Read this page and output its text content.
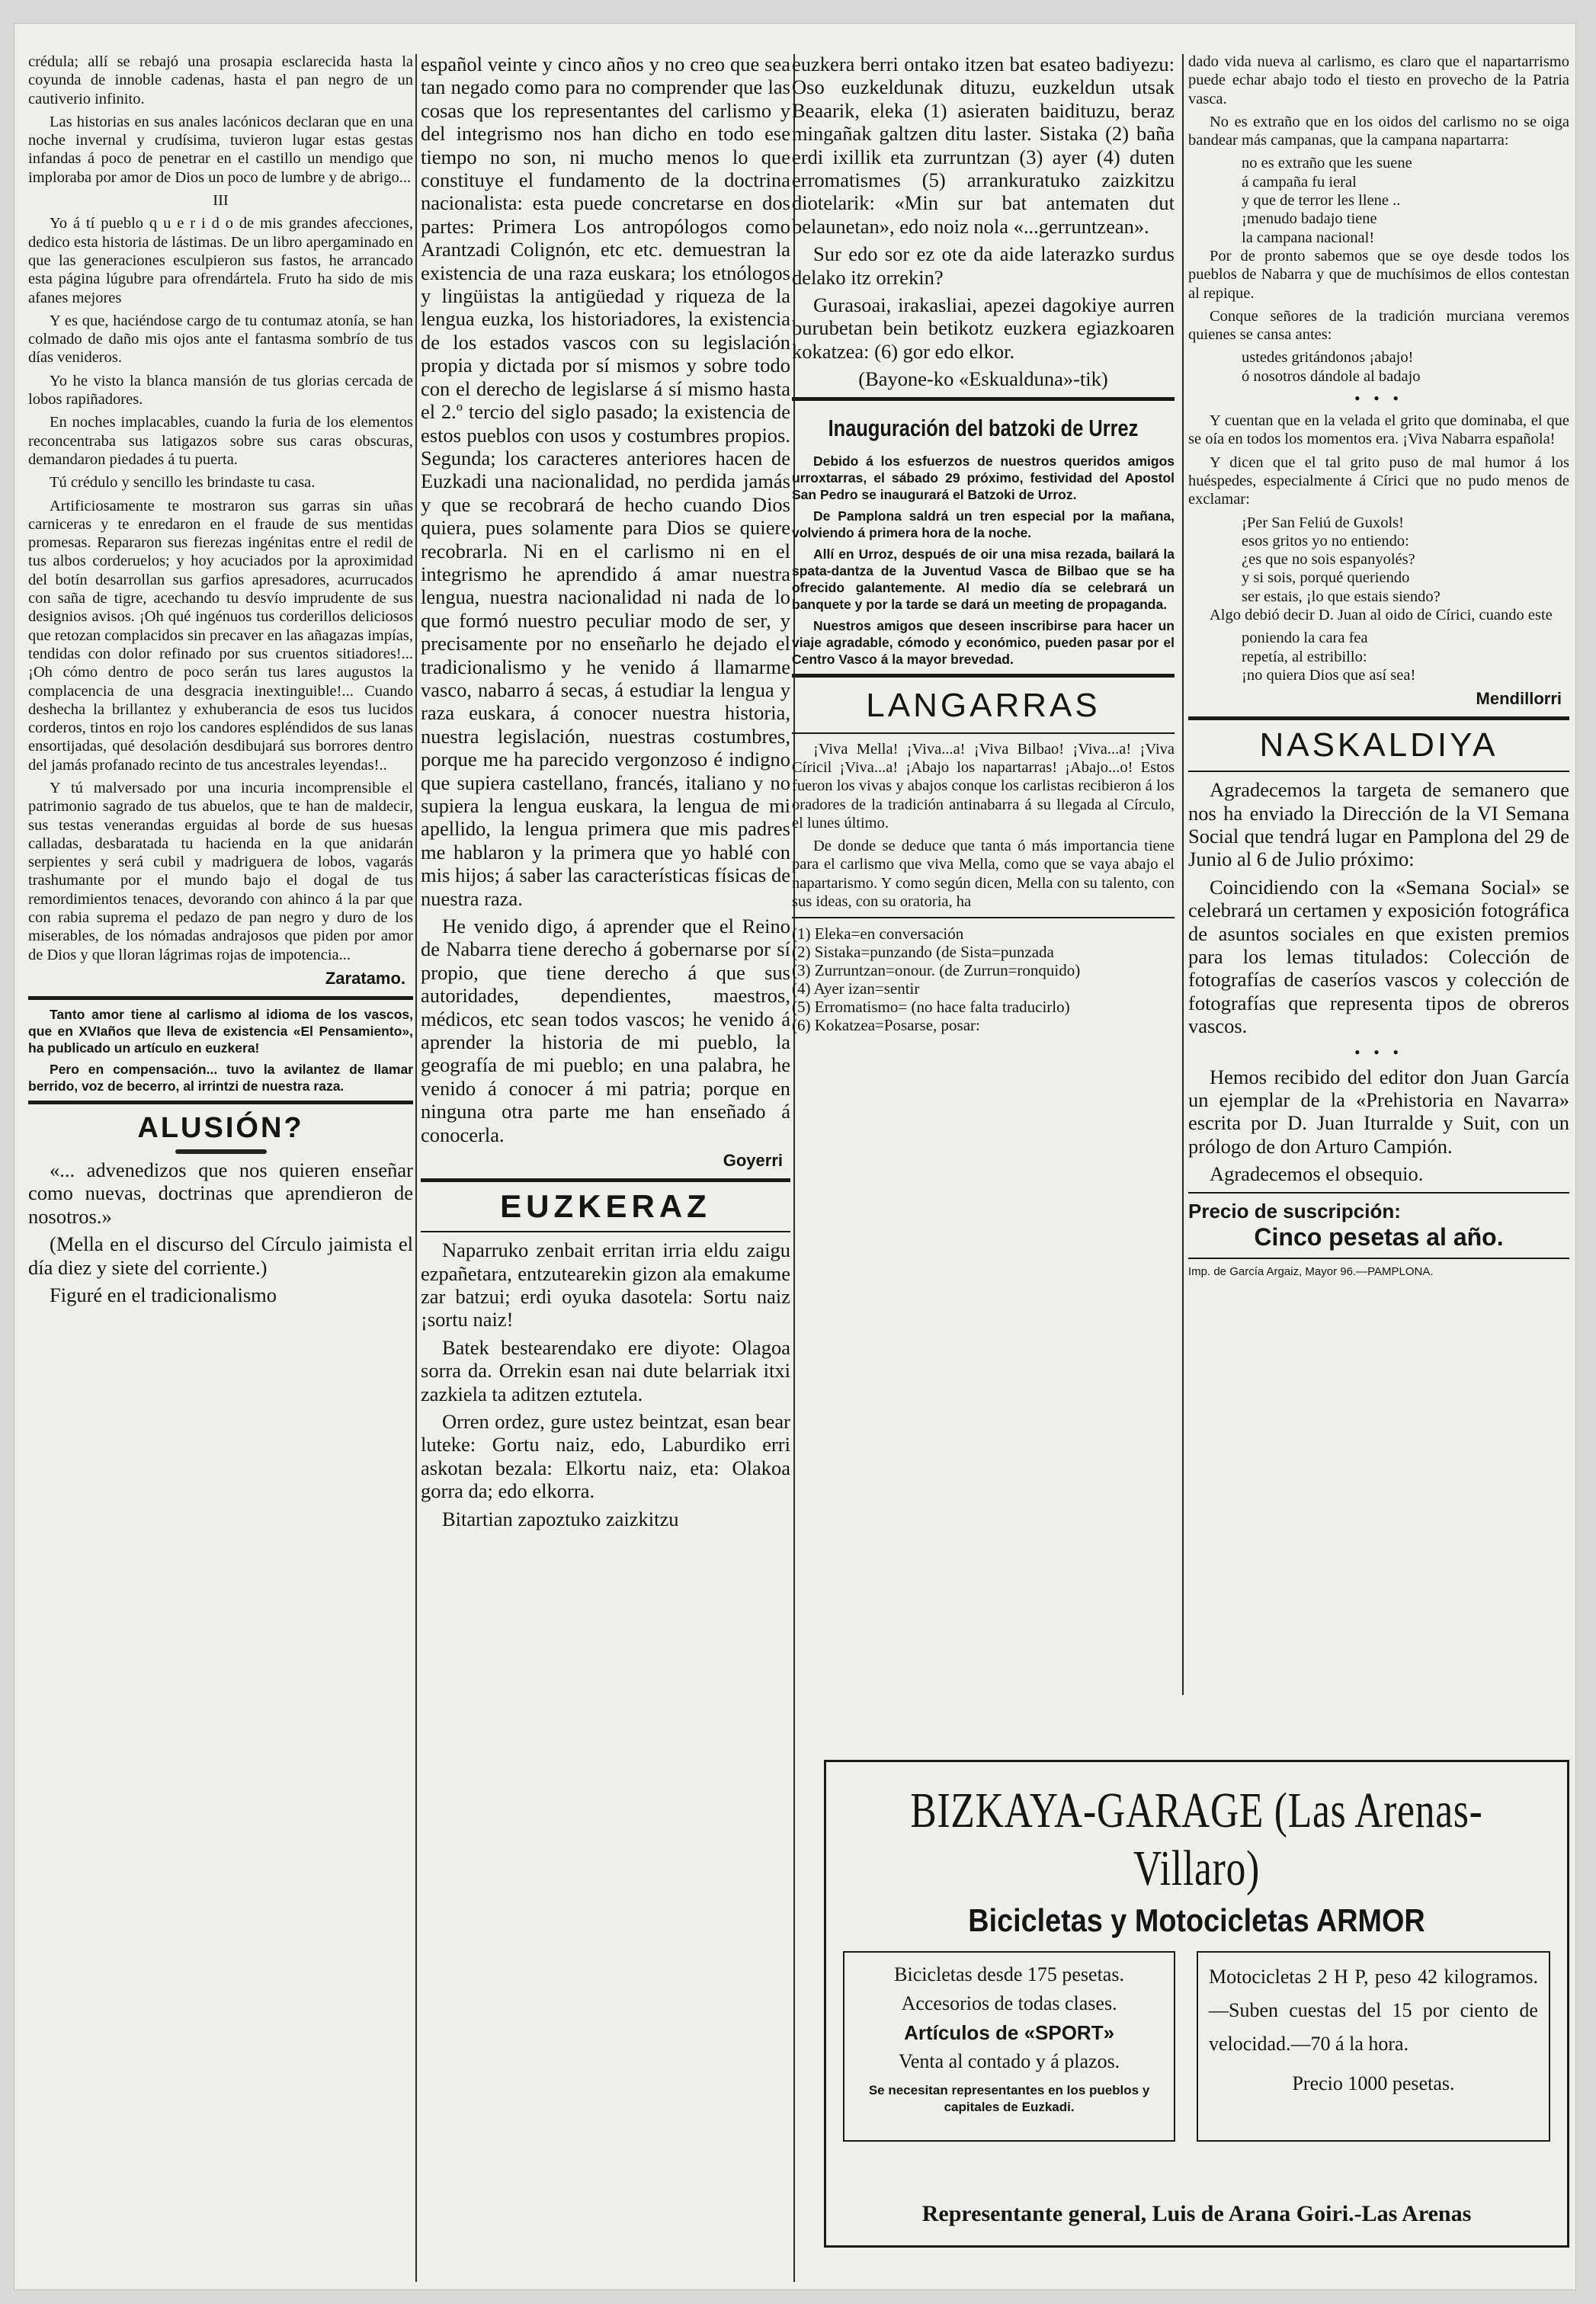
crédula; allí se rebajó una prosapia esclarecida hasta la coyunda de innoble cadenas, hasta el pan negro de un cautiverio infinito.

Las historias en sus anales lacónicos declaran que en una noche invernal y crudísima, tuvieron lugar estas gestas infandas á poco de penetrar en el castillo un mendigo que imploraba por amor de Dios un poco de lumbre y de abrigo...

III

Yo á tí pueblo q u e r i d o de mis grandes afecciones, dedico esta historia de lástimas. De un libro apergaminado en que las generaciones esculpieron sus fastos, he arrancado esta página lúgubre para ofrendártela. Fruto ha sido de mis afanes mejores

Y es que, haciéndose cargo de tu contumaz atonía, se han colmado de daño mis ojos ante el fantasma sombrío de tus días venideros.

Yo he visto la blanca mansión de tus glorias cercada de lobos rapiñadores.

En noches implacables, cuando la furia de los elementos reconcentraba sus latigazos sobre sus caras obscuras, demandaron piedades á tu puerta.

Tú crédulo y sencillo les brindaste tu casa.

Artificiosamente te mostraron sus garras sin uñas carniceras y te enredaron en el fraude de sus mentidas promesas. Repararon sus fierezas ingénitas entre el redil de tus albos corderuelos; y hoy acuciados por la aproximidad del botín desarrollan sus garfios apresadores, acurrucados con saña de tigre, acechando tu desvío imprudente de sus designios avisos. ¡Oh qué ingénuos tus corderillos deliciosos que retozan complacidos sin precaver en las añagazas impías, tendidas con dolor refinado por sus cruentos sitiadores!... ¡Oh cómo dentro de poco serán tus lares augustos la complacencia de una desgracia inextinguible!... Cuando deshecha la brillantez y exhuberancia de esos tus lucidos corderos, tintos en rojo los candores espléndidos de sus lanas ensortijadas, qué desolación desdibujará sus borrores dentro del jamás profanado recinto de tus ancestrales leyendas!..

Y tú malversado por una incuria incomprensible el patrimonio sagrado de tus abuelos, que te han de maldecir, sus testas venerandas erguidas al borde de sus huesas calladas, desbaratada tu hacienda en la que anidarán serpientes y será cubil y madriguera de lobos, vagarás trashumante por el mundo bajo el dogal de tus remordimientos tenaces, devorando con ahinco á la par que con rabia suprema el pedazo de pan negro y duro de los miserables, de los nómadas andrajosos que piden por amor de Dios y que lloran lágrimas rojas de impotencia...

Zaratamo.

Tanto amor tiene al carlismo al idioma de los vascos, que en XVIaños que lleva de existencia «El Pensamiento», ha publicado un artículo en euzkera!

Pero en compensación... tuvo la avilantez de llamar berrido, voz de becerro, al irrintzi de nuestra raza.

ALUSIÓN?

«... advenedizos que nos quieren enseñar como nuevas, doctrinas que aprendieron de nosotros.»

(Mella en el discurso del Círculo jaimista el día diez y siete del corriente.)

Figuré en el tradicionalismo

español veinte y cinco años y no creo que sea tan negado como para no comprender que las cosas que los representantes del carlismo y del integrismo nos han dicho en todo ese tiempo no son, ni mucho menos lo que constituye el fundamento de la doctrina nacionalista: esta puede concretarse en dos partes: Primera Los antropólogos como Arantzadi Colignón, etc etc. demuestran la existencia de una raza euskara; los etnólogos y lingüistas la antigüedad y riqueza de la lengua euzka, los historiadores, la existencia de los estados vascos con su legislación propia y dictada por sí mismos y sobre todo con el derecho de legislarse á sí mismo hasta el 2.º tercio del siglo pasado; la existencia de estos pueblos con usos y costumbres propios. Segunda; los caracteres anteriores hacen de Euzkadi una nacionalidad, no perdida jamás y que se recobrará de hecho cuando Dios quiera, pues solamente para Dios se quiere recobrarla. Ni en el carlismo ni en el integrismo he aprendido á amar nuestra lengua, nuestra nacionalidad ni nada de lo que formó nuestro peculiar modo de ser, y precisamente por no enseñarlo he dejado el tradicionalismo y he venido á llamarme vasco, nabarro á secas, á estudiar la lengua y raza euskara, á conocer nuestra historia, nuestra legislación, nuestras costumbres, porque me ha parecido vergonzoso é indigno que supiera castellano, francés, italiano y no supiera la lengua euskara, la lengua de mi apellido, la lengua primera que mis padres me hablaron y la primera que yo hablé con mis hijos; á saber las características físicas de nuestra raza.

He venido digo, á aprender que el Reino de Nabarra tiene derecho á gobernarse por sí propio, que tiene derecho á que sus autoridades, dependientes, maestros, médicos, etc sean todos vascos; he venido á aprender la historia de mi pueblo, la geografía de mi pueblo; en una palabra, he venido á conocer á mi patria; porque en ninguna otra parte me han enseñado á conocerla.

Goyerri
EUZKERAZ

Naparruko zenbait erritan irria eldu zaigu ezpañetara, entzutearekin gizon ala emakume zar batzui; erdi oyuka dasotela: Sortu naiz ¡sortu naiz!

Batek bestearendako ere diyote: Olagoa sorra da. Orrekin esan nai dute belarriak itxi zazkiela ta aditzen eztutela.

Orren ordez, gure ustez beintzat, esan bear luteke: Gortu naiz, edo, Laburdiko erri askotan bezala: Elkortu naiz, eta: Olakoa gorra da; edo elkorra.

Bitartian zapoztuko zaizkitzu

euzkera berri ontako itzen bat esateo badiyezu: Oso euzkeldunak dituzu, euzkeldun utsak Beaarik, eleka (1) asieraten baidituzu, beraz mingañak galtzen ditu laster. Sistaka (2) baña erdi ixillik eta zurruntzan (3) ayer (4) duten erromatismes (5) arrankuratuko zaizkitzu diotelarik: «Min sur bat antematen dut belaunetan», edo noiz nola «...gerruntzean».

Sur edo sor ez ote da aide laterazko surdus delako itz orrekin?

Gurasoai, irakasliai, apezei dagokiye aurren burubetan bein betikotz euzkera egiazkoaren kokatzea: (6) gor edo elkor.

(Bayone-ko «Eskualduna»-tik)

Inauguración del batzoki de Urrez

Debido á los esfuerzos de nuestros queridos amigos urroxtarras, el sábado 29 próximo, festividad del Apostol San Pedro se inaugurará el Batzoki de Urroz.

De Pamplona saldrá un tren especial por la mañana, volviendo á primera hora de la noche.

Allí en Urroz, después de oir una misa rezada, bailará la spata-dantza de la Juventud Vasca de Bilbao que se ha ofrecido galantemente. Al medio día se celebrará un banquete y por la tarde se dará un meeting de propaganda.

Nuestros amigos que deseen inscribirse para hacer un viaje agradable, cómodo y económico, pueden pasar por el Centro Vasco á la mayor brevedad.

LANGARRAS

¡Viva Mella! ¡Viva...a! ¡Viva Bilbao! ¡Viva...a! ¡Viva Círicil ¡Viva...a! ¡Abajo los napartarras! ¡Abajo...o! Estos fueron los vivas y abajos conque los carlistas recibieron á los oradores de la tradición antinabarra á su llegada al Círculo, el lunes último.

De donde se deduce que tanta ó más importancia tiene para el carlismo que viva Mella, como que se vaya abajo el napartarismo. Y como según dicen, Mella con su talento, con sus ideas, con su oratoria, ha

(1) Eleka=en conversación
(2) Sistaka=punzando (de Sista=punzada
(3) Zurruntzan=onour. (de Zurrun=ronquido)
(4) Ayer izan=sentir
(5) Erromatismo= (no hace falta traducirlo)
(6) Kokatzea=Posarse, posar:

dado vida nueva al carlismo, es claro que el napartarrismo puede echar abajo todo el tiesto en provecho de la Patria vasca.

No es extraño que en los oidos del carlismo no se oiga bandear más campanas, que la campana napartarra:

no es extraño que les suene
á campaña fu ieral
y que de terror les llene ..
¡menudo badajo tiene
la campana nacional!

Por de pronto sabemos que se oye desde todos los pueblos de Nabarra y que de muchísimos de ellos contestan al repique.

Conque señores de la tradición murciana veremos quienes se cansa antes:

ustedes gritándonos ¡abajo!
ó nosotros dándole al badajo
• • •

Y cuentan que en la velada el grito que dominaba, el que se oía en todos los momentos era. ¡Viva Nabarra española!

Y dicen que el tal grito puso de mal humor á los huéspedes, especialmente á Círici que no pudo menos de exclamar:

¡Per San Feliú de Guxols!
esos gritos yo no entiendo:
¿es que no sois espanyolés?
y si sois, porqué queriendo
ser estais, ¡lo que estais siendo?

Algo debió decir D. Juan al oido de Círici, cuando este

poniendo la cara fea
repetía, al estribillo:
¡no quiera Dios que así sea!
Mendillorri
NASKALDIYA

Agradecemos la targeta de semanero que nos ha enviado la Dirección de la VI Semana Social que tendrá lugar en Pamplona del 29 de Junio al 6 de Julio próximo:

Coincidiendo con la «Semana Social» se celebrará un certamen y exposición fotográfica de asuntos sociales en que existen premios para los lemas titulados: Colección de fotografías de caseríos vascos y colección de fotografías que representa tipos de obreros vascos.

• • •

Hemos recibido del editor don Juan García un ejemplar de la «Prehistoria en Navarra» escrita por D. Juan Iturralde y Suit, con un prólogo de don Arturo Campión.

Agradecemos el obsequio.

Precio de suscripción:
Cinco pesetas al año.
Imp. de García Argaiz, Mayor 96.—PAMPLONA.
BIZKAYA-GARAGE (Las Arenas-Villaro)
Bicicletas y Motocicletas ARMOR
Bicicletas desde 175 pesetas.
Accesorios de todas clases.
Artículos de «SPORT»
Venta al contado y á plazos.
Se necesitan representantes en los pueblos y capitales de Euzkadi.
Motocicletas 2 H P, peso 42 kilogramos.—Suben cuestas del 15 por ciento de velocidad.—70 á la hora.
Precio 1000 pesetas.
Representante general, Luis de Arana Goiri.-Las Arenas
